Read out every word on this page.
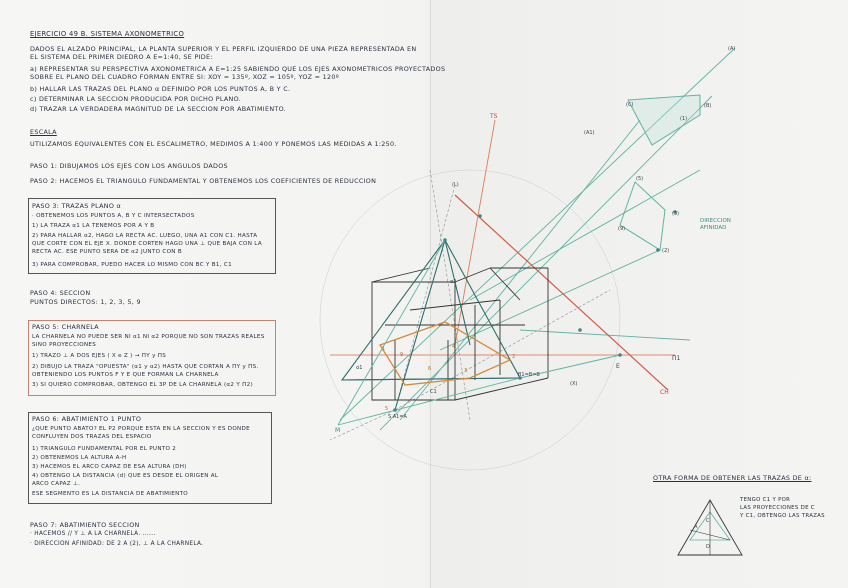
EJERCICIO 49 B. SISTEMA AXONOMETRICO
DADOS EL ALZADO PRINCIPAL, LA PLANTA SUPERIOR Y EL PERFIL IZQUIERDO DE UNA PIEZA REPRESENTADA EN
EL SISTEMA DEL PRIMER DIEDRO A E=1:40, SE PIDE:
a) REPRESENTAR SU PERSPECTIVA AXONOMETRICA A E=1:25 SABIENDO QUE LOS EJES AXONOMETRICOS PROYECTADOS
SOBRE EL PLANO DEL CUADRO FORMAN ENTRE SI: XOY = 135º, XOZ = 105º, YOZ = 120º
b) HALLAR LAS TRAZAS DEL PLANO α DEFINIDO POR LOS PUNTOS A, B Y C.
c) DETERMINAR LA SECCION PRODUCIDA POR DICHO PLANO.
d) TRAZAR LA VERDADERA MAGNITUD DE LA SECCION POR ABATIMIENTO.
ESCALA
UTILIZAMOS EQUIVALENTES CON EL ESCALIMETRO, MEDIMOS A 1:400 Y PONEMOS LAS MEDIDAS A 1:250.
PASO 1: DIBUJAMOS LOS EJES CON LOS ANGULOS DADOS
PASO 2: HACEMOS EL TRIANGULO FUNDAMENTAL Y OBTENEMOS LOS COEFICIENTES DE REDUCCION
PASO 3: TRAZAS PLANO α
· OBTENEMOS LOS PUNTOS A, B Y C INTERSECTADOS
1) LA TRAZA α1 LA TENEMOS POR A Y B
2) PARA HALLAR α2, HAGO LA RECTA AC. LUEGO, UNA A1 CON C1. HASTA
QUE CORTE CON EL EJE X. DONDE CORTEN HAGO UNA ⊥ QUE BAJA CON LA
RECTA AC. ESE PUNTO SERA DE α2 JUNTO CON B
3) PARA COMPROBAR, PUEDO HACER LO MISMO CON BC Y B1, C1
PASO 4: SECCION
PUNTOS DIRECTOS: 1, 2, 3, 5, 9
PASO 5: CHARNELA
LA CHARNELA NO PUEDE SER NI α1 NI α2 PORQUE NO SON TRAZAS REALES
SINO PROYECCIONES
1) TRAZO ⊥ A DOS EJES ( X e Z ) → ΠY y ΠS
2) DIBUJO LA TRAZA "OPUESTA" (α1 y α2) HASTA QUE CORTAN A ΠY y ΠS.
OBTENIENDO LOS PUNTOS F Y E QUE FORMAN LA CHARNELA
3) SI QUIERO COMPROBAR, OBTENGO EL 3P DE LA CHARNELA (α2 Y Π2)
PASO 6: ABATIMIENTO 1 PUNTO
¿QUE PUNTO ABATO? EL P2 PORQUE ESTA EN LA SECCION Y ES DONDE
CONFLUYEN DOS TRAZAS DEL ESPACIO
1) TRIANGULO FUNDAMENTAL POR EL PUNTO 2
2) OBTENEMOS LA ALTURA A-H
3) HACEMOS EL ARCO CAPAZ DE ESA ALTURA (DH)
4) OBTENGO LA DISTANCIA (d) QUE ES DESDE EL ORIGEN AL
ARCO CAPAZ ⊥.
ESE SEGMENTO ES LA DISTANCIA DE ABATIMIENTO
PASO 7: ABATIMIENTO SECCION
· HACEMOS // Y ⊥ A LA CHARNELA. ......
· DIRECCION AFINIDAD: DE 2 A (2), ⊥ A LA CHARNELA.
OTRA FORMA DE OBTENER LAS TRAZAS DE α:
TENGO C1 Y POR
LAS PROYECCIONES DE C
Y C1, OBTENGO LAS TRAZAS
Π1
CH
E
TS
M
α1
α2
S A1=A
B1=B=B
C1
DIRECCION
AFINIDAD
(1)
(2)
(3)
(5)
(9)
(A)
(B)
(C)
(A1)
(X)
(L)
1
2
3
4
5
6
9
C
A
D
